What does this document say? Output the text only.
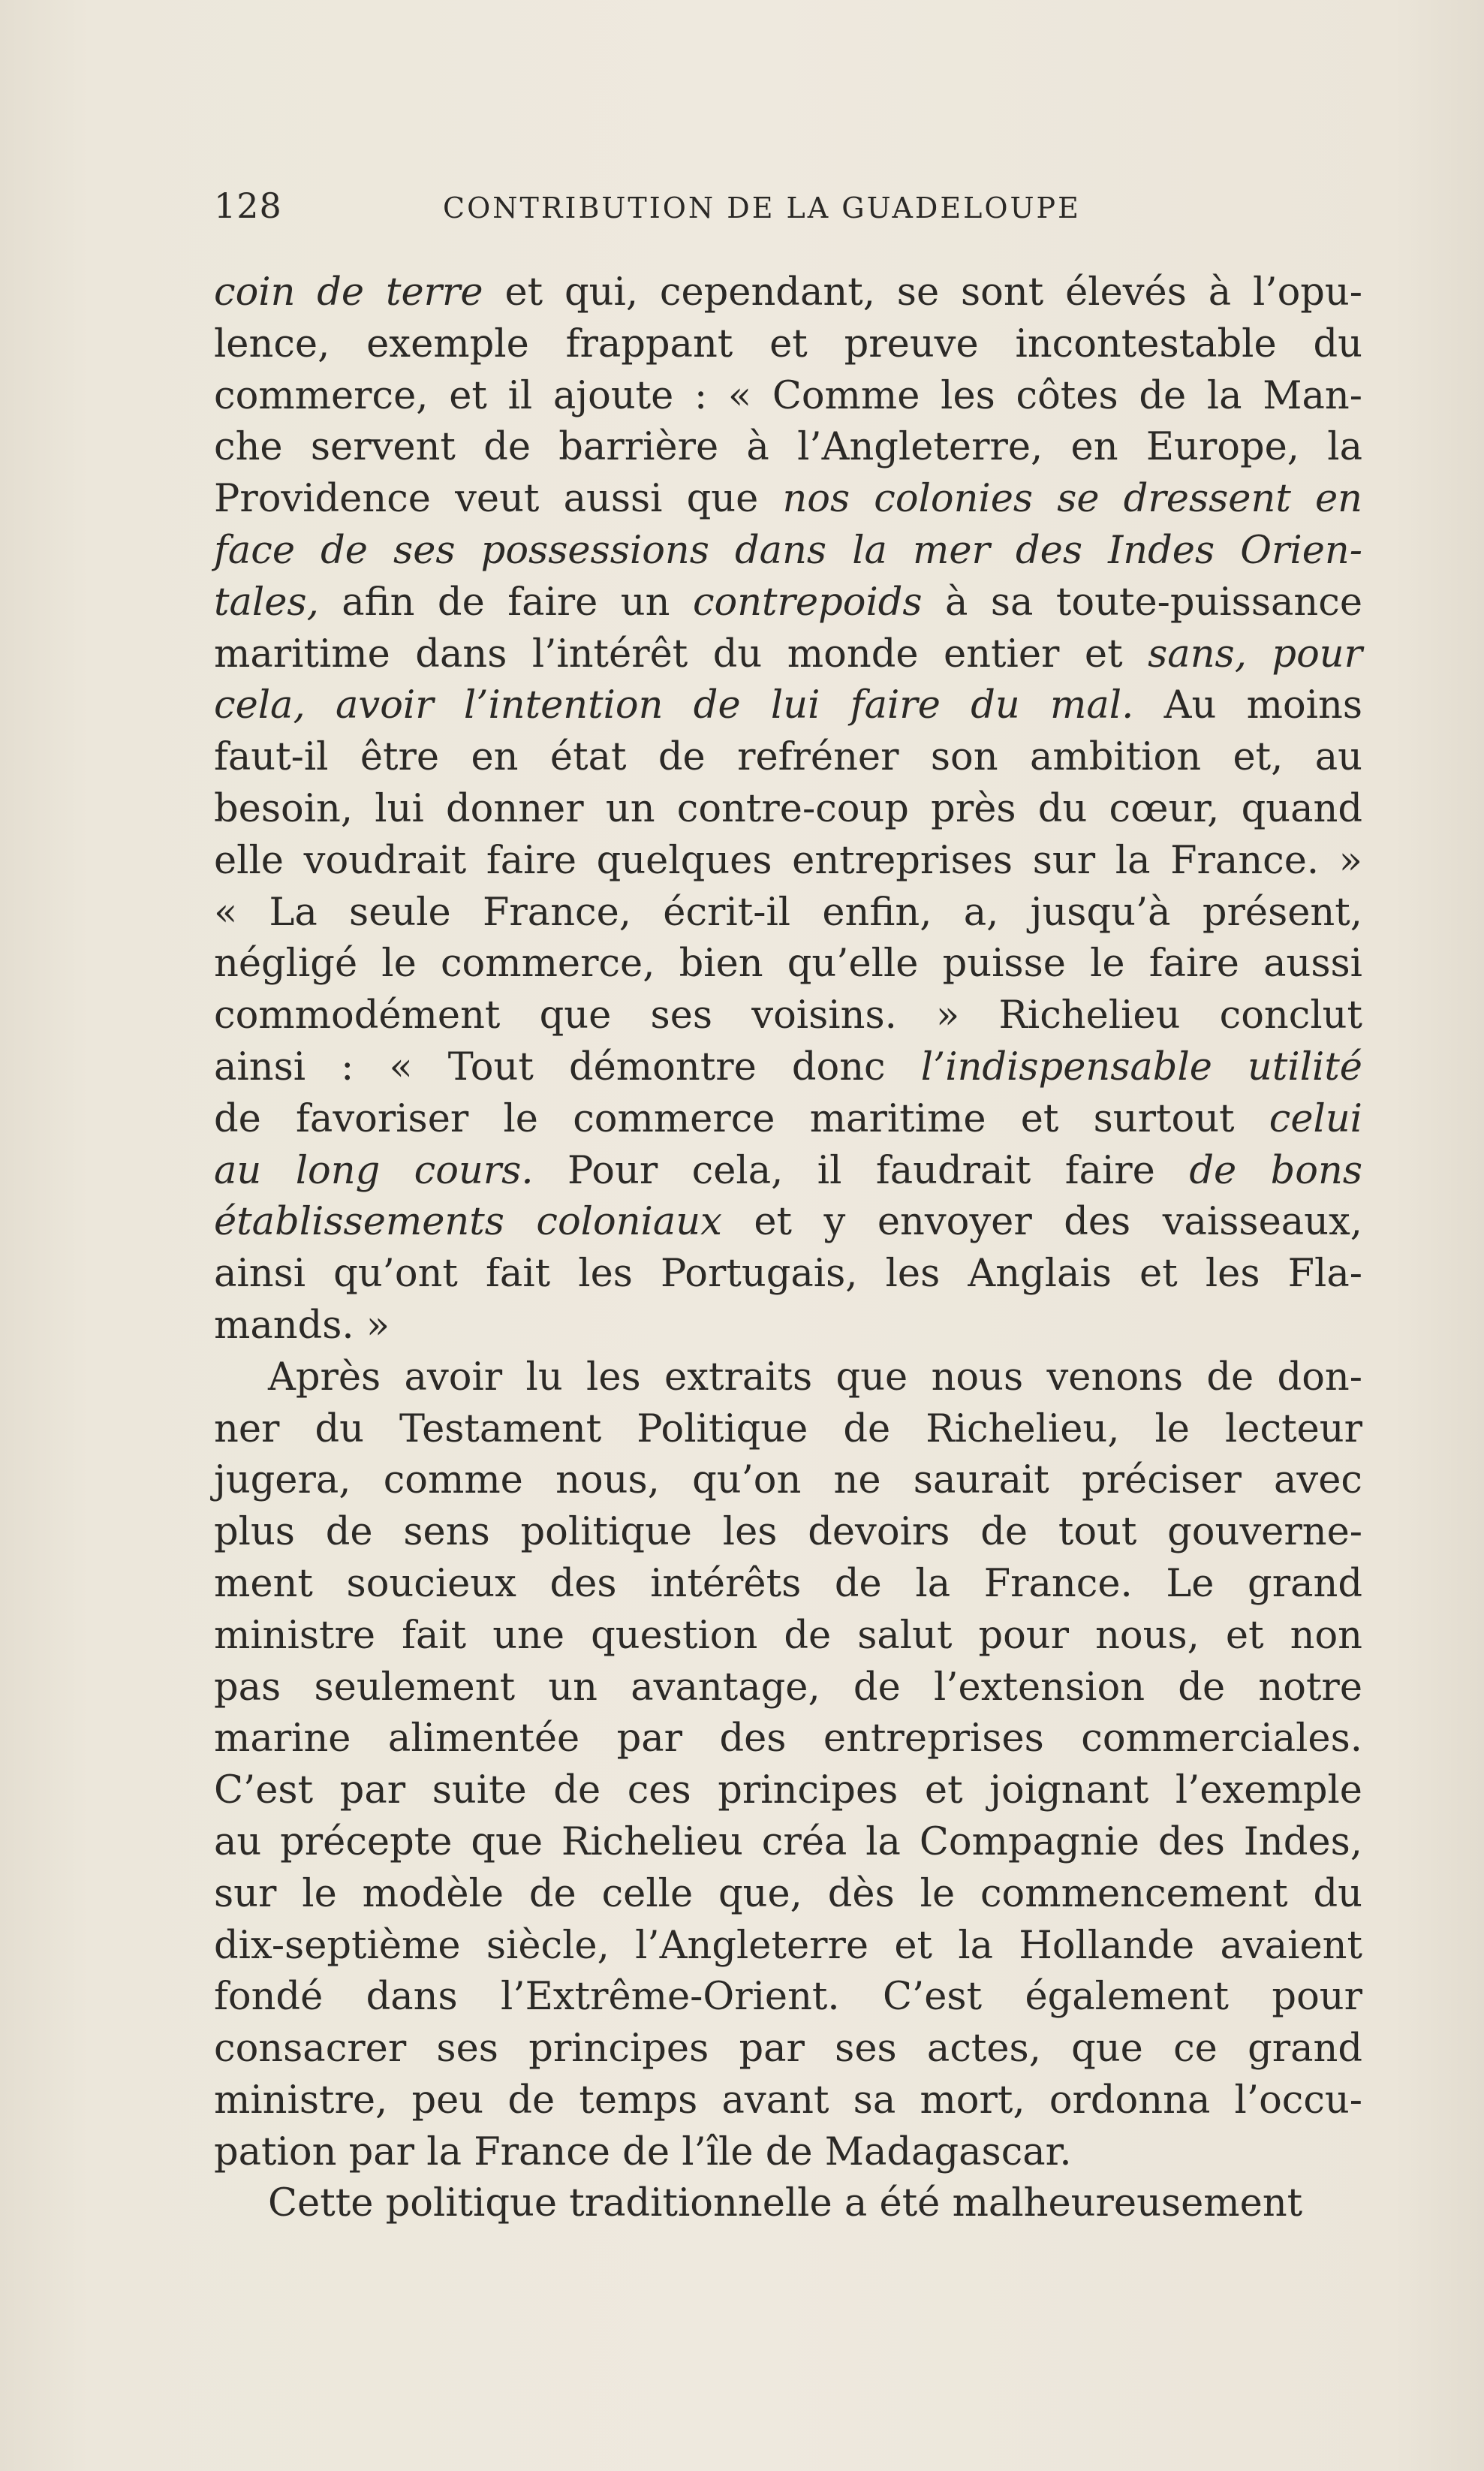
128	CONTRIBUTION DE LA GUADELOUPE
coin de terre et qui, cependant, se sont élevés à l’opu-
lence, exemple frappant et preuve incontestable du
commerce, et il ajoute : « Comme les côtes de la Man-
che servent de barrière à l’Angleterre, en Europe, la
Providence veut aussi que nos colonies se dressent en
face de ses possessions dans la mer des Indes Orien-
tales, afin de faire un contrepoids à sa toute-puissance
maritime dans l’intérêt du monde entier et sans, pour
cela, avoir l’intention de lui faire du mal. Au moins
faut-il être en état de refréner son ambition et, au
besoin, lui donner un contre-coup près du cœur, quand
elle voudrait faire quelques entreprises sur la France. »
« La seule France, écrit-il enfin, a, jusqu’à présent,
négligé le commerce, bien qu’elle puisse le faire aussi
commodément que ses voisins. » Richelieu conclut
ainsi : « Tout démontre donc l’indispensable utilité
de favoriser le commerce maritime et surtout celui
au long cours. Pour cela, il faudrait faire de bons
établissements coloniaux et y envoyer des vaisseaux,
ainsi qu’ont fait les Portugais, les Anglais et les Fla-
mands. »
Après avoir lu les extraits que nous venons de don-
ner du Testament Politique de Richelieu, le lecteur
jugera, comme nous, qu’on ne saurait préciser avec
plus de sens politique les devoirs de tout gouverne-
ment soucieux des intérêts de la France. Le grand
ministre fait une question de salut pour nous, et non
pas seulement un avantage, de l’extension de notre
marine alimentée par des entreprises commerciales.
C’est par suite de ces principes et joignant l’exemple
au précepte que Richelieu créa la Compagnie des Indes,
sur le modèle de celle que, dès le commencement du
dix-septième siècle, l’Angleterre et la Hollande avaient
fondé dans l’Extrême-Orient. C’est également pour
consacrer ses principes par ses actes, que ce grand
ministre, peu de temps avant sa mort, ordonna l’occu-
pation par la France de l’île de Madagascar.
Cette politique traditionnelle a été malheureusement
